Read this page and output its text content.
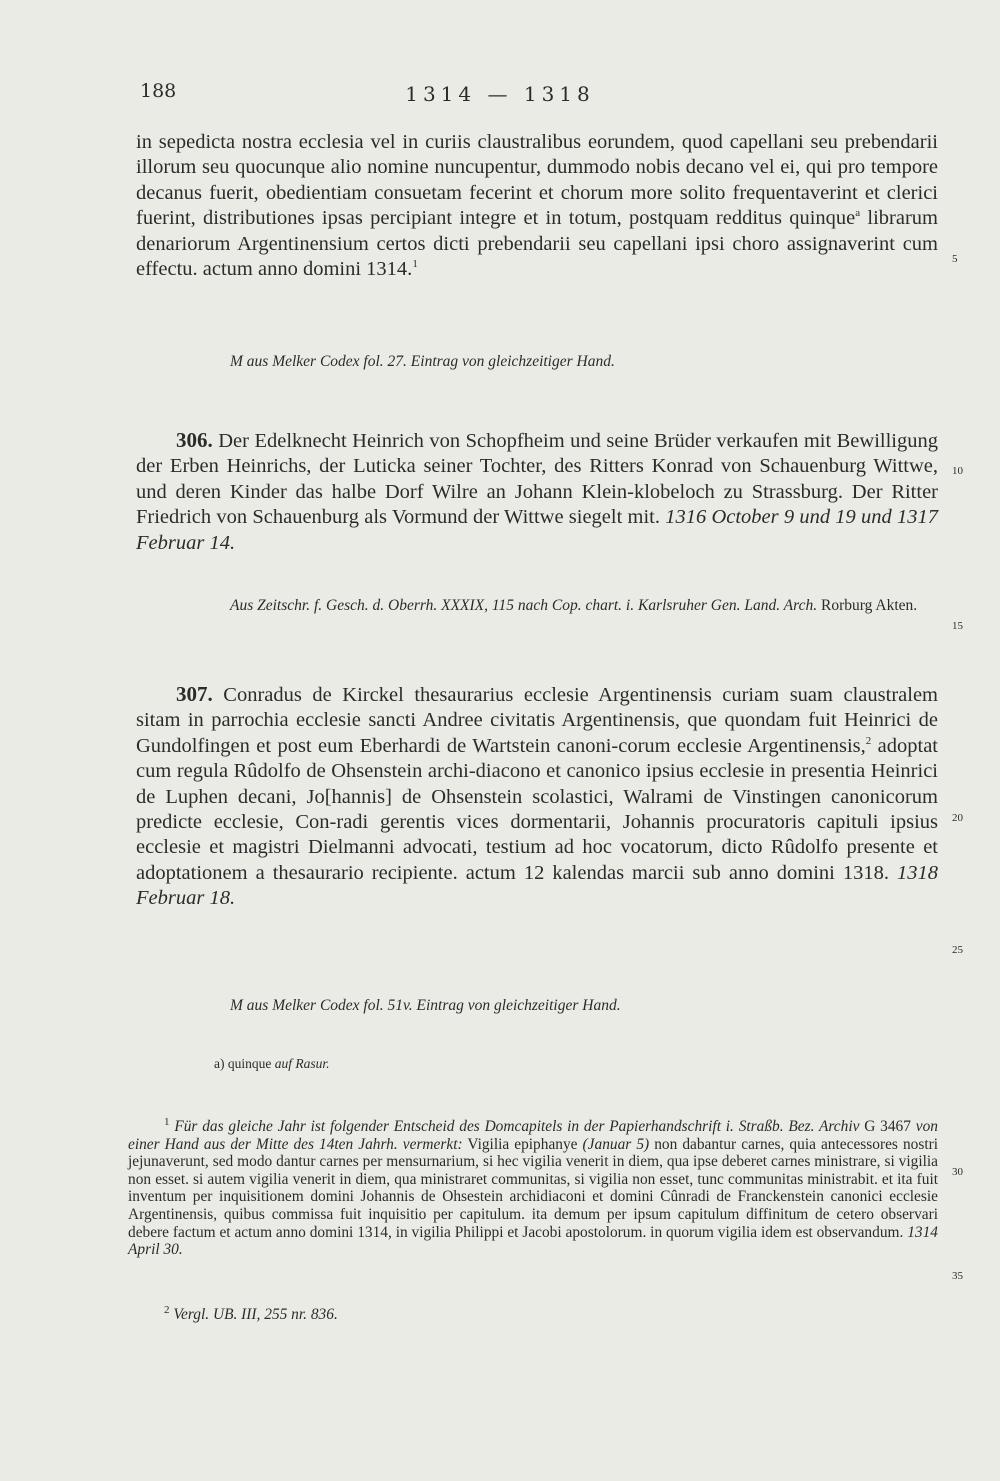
188	1314 — 1318
in sepedicta nostra ecclesia vel in curiis claustralibus eorundem, quod capellani seu prebendarii illorum seu quocunque alio nomine nuncupentur, dummodo nobis decano vel ei, qui pro tempore decanus fuerit, obedientiam consuetam fecerint et chorum more solito frequentaverint et clerici fuerint, distributiones ipsas percipiant integre et in totum, postquam redditus quinque$^a$ librarum denariorum Argentinensium certos dicti prebendarii seu capellani ipsi choro assignaverint cum effectu. actum anno domini 1314.$^1$
M aus Melker Codex fol. 27. Eintrag von gleichzeitiger Hand.
306. Der Edelknecht Heinrich von Schopfheim und seine Brüder verkaufen mit Bewilligung der Erben Heinrichs, der Luticka seiner Tochter, des Ritters Konrad von Schauenburg Wittwe, und deren Kinder das halbe Dorf Wilre an Johann Klein-klobeloch zu Strassburg. Der Ritter Friedrich von Schauenburg als Vormund der Wittwe siegelt mit. 1316 October 9 und 19 und 1317 Februar 14.
Aus Zeitschr. f. Gesch. d. Oberrh. XXXIX, 115 nach Cop. chart. i. Karlsruher Gen. Land. Arch. Rorburg Akten.
307. Conradus de Kirckel thesaurarius ecclesie Argentinensis curiam suam claustralem sitam in parrochia ecclesie sancti Andree civitatis Argentinensis, que quondam fuit Heinrici de Gundolfingen et post eum Eberhardi de Wartstein canoni-corum ecclesie Argentinensis,$^2$ adoptat cum regula Rûdolfo de Ohsenstein archi-diacono et canonico ipsius ecclesie in presentia Heinrici de Luphen decani, Jo[hannis] de Ohsenstein scolastici, Walrami de Vinstingen canonicorum predicte ecclesie, Con-radi gerentis vices dormentarii, Johannis procuratoris capituli ipsius ecclesie et magistri Dielmanni advocati, testium ad hoc vocatorum, dicto Rûdolfo presente et adoptationem a thesaurario recipiente. actum 12 kalendas marcii sub anno domini 1318. 1318 Februar 18.
M aus Melker Codex fol. 51v. Eintrag von gleichzeitiger Hand.
a) quinque auf Rasur.
$^1$ Für das gleiche Jahr ist folgender Entscheid des Domcapitels in der Papierhandschrift i. Straßb. Bez. Archiv G 3467 von einer Hand aus der Mitte des 14ten Jahrh. vermerkt: Vigilia epiphanye (Januar 5) non dabantur carnes, quia antecessores nostri jejunaverunt, sed modo dantur carnes per mensurnarium, si hec vigilia venerit in diem, qua ipse deberet carnes ministrare, si vigilia non esset. si autem vigilia venerit in diem, qua ministraret communitas, si vigilia non esset, tunc communitas ministrabit. et ita fuit inventum per inquisitionem domini Johannis de Ohsestein archidiaconi et domini Cûnradi de Franckenstein canonici ecclesie Argentinensis, quibus commissa fuit inquisitio per capitulum. ita demum per ipsum capitulum diffinitum de cetero observari debere factum et actum anno domini 1314, in vigilia Philippi et Jacobi apostolorum. in quorum vigilia idem est observandum. 1314 April 30.
$^2$ Vergl. UB. III, 255 nr. 836.
5
10
15
20
25
30
35
